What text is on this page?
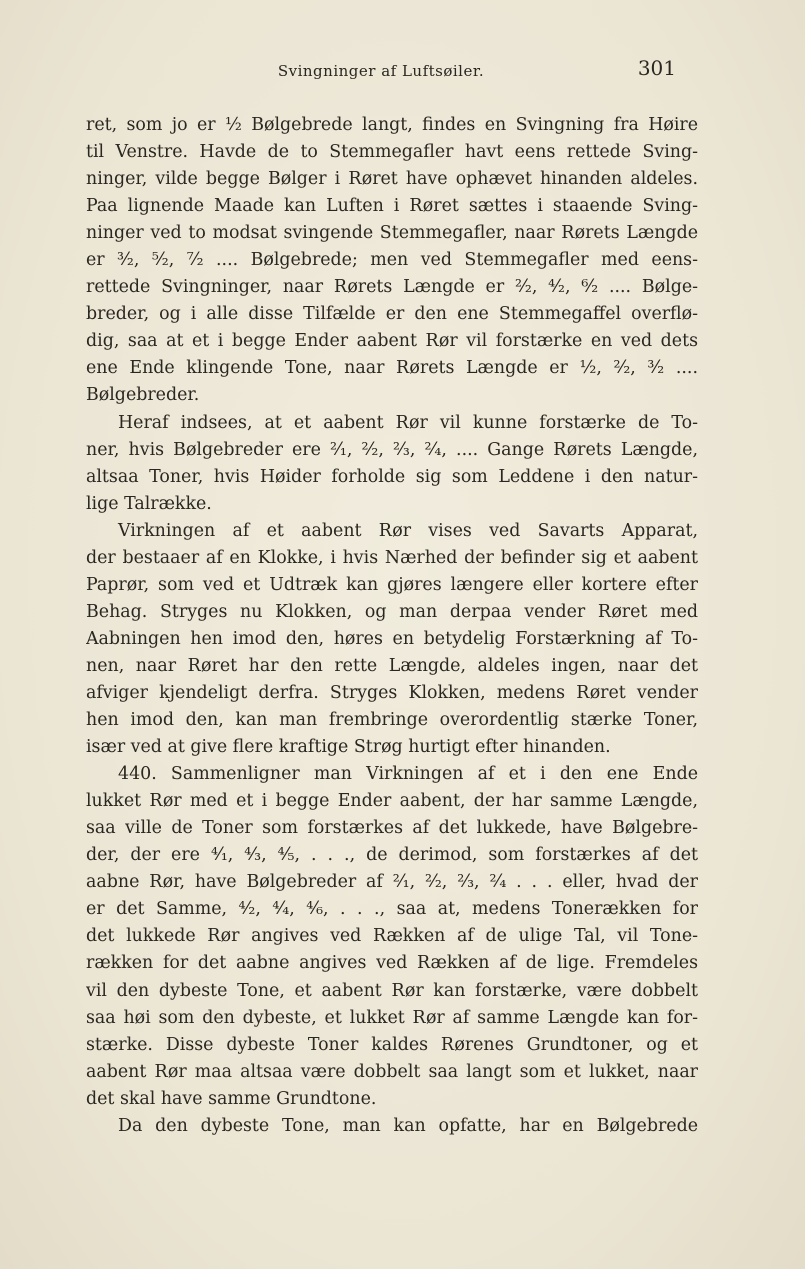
Svingninger af Luftsøiler.	301
ret, som jo er ½ Bølgebrede langt, findes en Svingning fra Høire
til Venstre. Havde de to Stemmegafler havt eens rettede Sving-
ninger, vilde begge Bølger i Røret have ophævet hinanden aldeles.
Paa lignende Maade kan Luften i Røret sættes i staaende Sving-
ninger ved to modsat svingende Stemmegafler, naar Rørets Længde
er ³⁄₂, ⁵⁄₂, ⁷⁄₂ .... Bølgebrede; men ved Stemmegafler med eens-
rettede Svingninger, naar Rørets Længde er ²⁄₂, ⁴⁄₂, ⁶⁄₂ .... Bølge-
breder, og i alle disse Tilfælde er den ene Stemmegaffel overflø-
dig, saa at et i begge Ender aabent Rør vil forstærke en ved dets
ene Ende klingende Tone, naar Rørets Længde er ½, ²⁄₂, ³⁄₂ ....
Bølgebreder.
Heraf indsees, at et aabent Rør vil kunne forstærke de To-
ner, hvis Bølgebreder ere ²⁄₁, ²⁄₂, ²⁄₃, ²⁄₄, .... Gange Rørets Længde,
altsaa Toner, hvis Høider forholde sig som Leddene i den natur-
lige Talrække.
Virkningen af et aabent Rør vises ved Savarts Apparat,
der bestaaer af en Klokke, i hvis Nærhed der befinder sig et aabent
Paprør, som ved et Udtræk kan gjøres længere eller kortere efter
Behag. Strygеs nu Klokken, og man derpaa vender Røret med
Aabningen hen imod den, høres en betydelig Forstærkning af To-
nen, naar Røret har den rette Længde, aldeles ingen, naar det
afviger kjendeligt derfra. Strygеs Klokken, medens Røret vender
hen imod den, kan man frembringe overordentlig stærke Toner,
især ved at give flere kraftige Strøg hurtigt efter hinanden.
440. Sammenligner man Virkningen af et i den ene Ende
lukket Rør med et i begge Ender aabent, der har samme Længde,
saa ville de Toner som forstærkes af det lukkede, have Bølgebre-
der, der ere ⁴⁄₁, ⁴⁄₃, ⁴⁄₅, . . ., de derimod, som forstærkes af det
aabne Rør, have Bølgebreder af ²⁄₁, ²⁄₂, ²⁄₃, ²⁄₄ . . . eller, hvad der
er det Samme, ⁴⁄₂, ⁴⁄₄, ⁴⁄₆, . . ., saa at, medens Tonerækken for
det lukkede Rør angives ved Rækken af de ulige Tal, vil Tone-
rækken for det aabne angives ved Rækken af de lige. Fremdeles
vil den dybeste Tone, et aabent Rør kan forstærke, være dobbelt
saa høi som den dybeste, et lukket Rør af samme Længde kan for-
stærke. Disse dybeste Toner kaldes Rørenes Grundtoner, og et
aabent Rør maa altsaa være dobbelt saa langt som et lukket, naar
det skal have samme Grundtone.
Da den dybeste Tone, man kan opfatte, har en Bølgebrede
